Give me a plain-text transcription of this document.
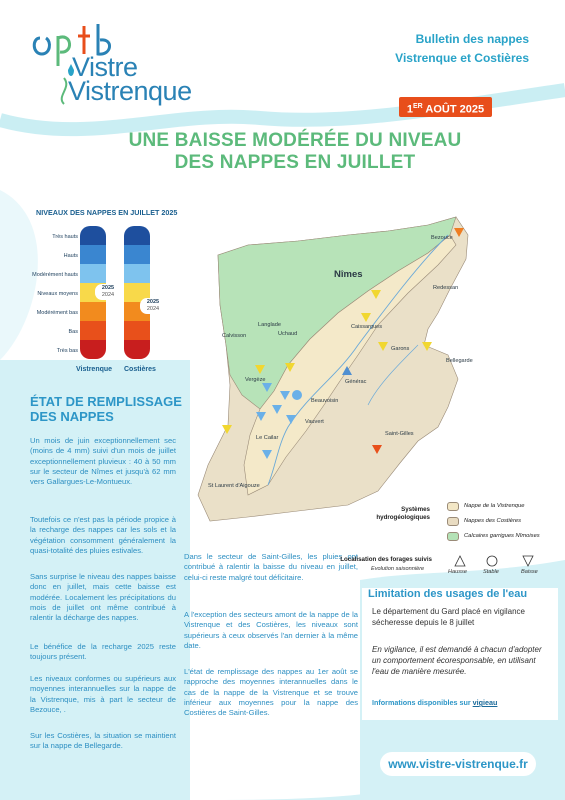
Vistre
Vistrenque
Bulletin des nappes
Vistrenque et Costières
1ER AOÛT 2025
UNE BAISSE MODÉRÉE DU NIVEAU
DES NAPPES EN JUILLET
NIVEAUX DES NAPPES EN JUILLET 2025
Très hauts
Hauts
Modérément hauts
Niveaux moyens
Modérément bas
Bas
Très bas
2025
2024
2025
2024
Vistrenque Costières
ÉTAT DE REMPLISSAGE
DES NAPPES
Un mois de juin exceptionnellement sec (moins de 4 mm) suivi d'un mois de juillet exceptionnellement pluvieux : 40 à 50 mm sur le secteur de Nîmes et jusqu'à 62 mm vers Gallargues-Le-Montueux.
Toutefois ce n'est pas la période propice à la recharge des nappes car les sols et la végétation consomment généralement la quasi-totalité des pluies estivales.
Sans surprise le niveau des nappes baisse donc en juillet, mais cette baisse est modérée. Localement les précipitations du mois de juillet ont même contribué à ralentir la décharge des nappes.
Le bénéfice de la recharge 2025 reste toujours présent.
Les niveaux conformes ou supérieurs aux moyennes interannuelles sur la nappe de la Vistrenque, mis à part le secteur de Bezouce, .
Sur les Costières, la situation se maintient sur la nappe de Bellegarde.
Dans le secteur de Saint-Gilles, les pluies ont contribué à ralentir la baisse du niveau en juillet, celui-ci reste malgré tout déficitaire.
A l'exception des secteurs amont de la nappe de la Vistrenque et des Costières, les niveaux sont supérieurs à ceux observés l'an dernier à la même date.
L'état de remplissage des nappes au 1er août se rapproche des moyennes interannuelles dans le cas de la nappe de la Vistrenque et se trouve inférieur aux moyennes pour la nappe des Costières de Saint-Gilles.
Bezouce
Nîmes
Redessan
Caissargues
Langlade
Calvisson
Garons
Bellegarde
Uchaud
Générac
Vergèze
Beauvoisin
Vauvert
Le Cailar
Saint-Gilles
St Laurent d'Aigouze
Systèmes
hydrogéologiques
Nappe de la Vistrenque
Nappes des Costières
Calcaires garrigues Nîmoises
Localisation des forages suivis
Evolution saisonnière	Hausse	Stable	Baisse
Limitation des usages de l'eau
Le département du Gard placé en vigilance sécheresse depuis le 8 juillet
En vigilance, il est demandé à chacun d'adopter un comportement écoresponsable, en utilisant l'eau de manière mesurée.
Informations disponibles sur vigieau
www.vistre-vistrenque.fr
